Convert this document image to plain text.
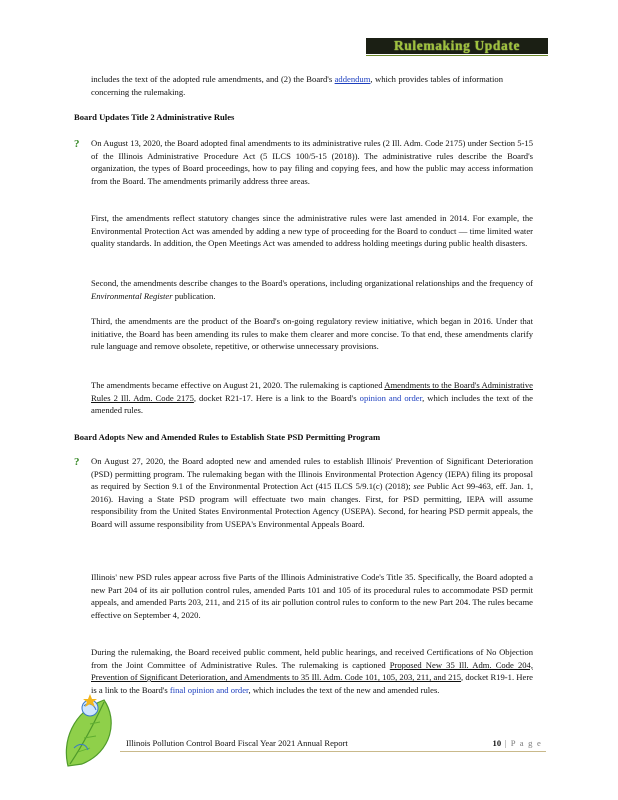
Rulemaking Update

includes the text of the adopted rule amendments, and (2) the Board's addendum, which provides tables of information concerning the rulemaking.

Board Updates Title 2 Administrative Rules
? On August 13, 2020, the Board adopted final amendments to its administrative rules (2 Ill. Adm. Code 2175) under Section 5-15 of the Illinois Administrative Procedure Act (5 ILCS 100/5-15 (2018)). The administrative rules describe the Board's organization, the types of Board proceedings, how to pay filing and copying fees, and how the public may access information from the Board. The amendments primarily address three areas.

First, the amendments reflect statutory changes since the administrative rules were last amended in 2014. For example, the Environmental Protection Act was amended by adding a new type of proceeding for the Board to conduct — time limited water quality standards. In addition, the Open Meetings Act was amended to address holding meetings during public health disasters.

Second, the amendments describe changes to the Board's operations, including organizational relationships and the frequency of Environmental Register publication.

Third, the amendments are the product of the Board's on-going regulatory review initiative, which began in 2016. Under that initiative, the Board has been amending its rules to make them clearer and more concise. To that end, these amendments clarify rule language and remove obsolete, repetitive, or otherwise unnecessary provisions.

The amendments became effective on August 21, 2020. The rulemaking is captioned Amendments to the Board's Administrative Rules 2 Ill. Adm. Code 2175, docket R21-17. Here is a link to the Board's opinion and order, which includes the text of the amended rules.

Board Adopts New and Amended Rules to Establish State PSD Permitting Program
? On August 27, 2020, the Board adopted new and amended rules to establish Illinois' Prevention of Significant Deterioration (PSD) permitting program. The rulemaking began with the Illinois Environmental Protection Agency (IEPA) filing its proposal as required by Section 9.1 of the Environmental Protection Act (415 ILCS 5/9.1(c) (2018); see Public Act 99-463, eff. Jan. 1, 2016). Having a State PSD program will effectuate two main changes. First, for PSD permitting, IEPA will assume responsibility from the United States Environmental Protection Agency (USEPA). Second, for hearing PSD permit appeals, the Board will assume responsibility from USEPA's Environmental Appeals Board.

Illinois' new PSD rules appear across five Parts of the Illinois Administrative Code's Title 35. Specifically, the Board adopted a new Part 204 of its air pollution control rules, amended Parts 101 and 105 of its procedural rules to accommodate PSD permit appeals, and amended Parts 203, 211, and 215 of its air pollution control rules to conform to the new Part 204. The rules became effective on September 4, 2020.

During the rulemaking, the Board received public comment, held public hearings, and received Certifications of No Objection from the Joint Committee of Administrative Rules. The rulemaking is captioned Proposed New 35 Ill. Adm. Code 204, Prevention of Significant Deterioration, and Amendments to 35 Ill. Adm. Code 101, 105, 203, 211, and 215, docket R19-1. Here is a link to the Board's final opinion and order, which includes the text of the new and amended rules.

Illinois Pollution Control Board Fiscal Year 2021 Annual Report	10 | P a g e
